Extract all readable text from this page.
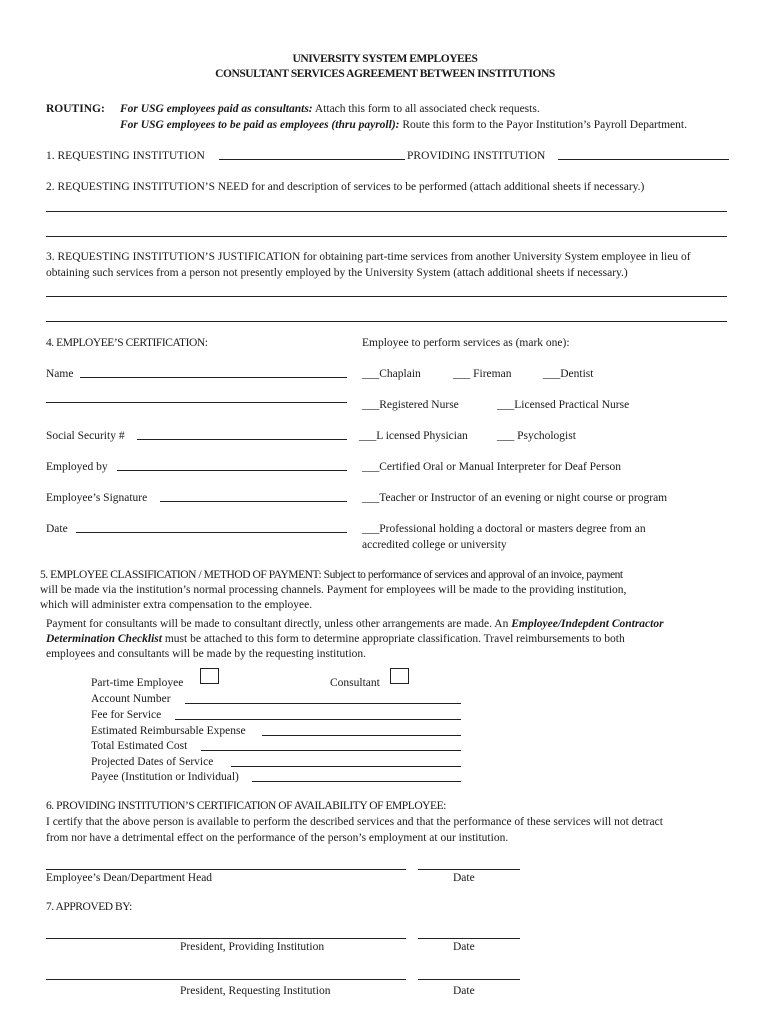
UNIVERSITY SYSTEM EMPLOYEES
CONSULTANT SERVICES AGREEMENT BETWEEN INSTITUTIONS
ROUTING: For USG employees paid as consultants: Attach this form to all associated check requests.
For USG employees to be paid as employees (thru payroll): Route this form to the Payor Institution’s Payroll Department.
1. REQUESTING INSTITUTION	PROVIDING INSTITUTION
2. REQUESTING INSTITUTION’S NEED for and description of services to be performed (attach additional sheets if necessary.)
3. REQUESTING INSTITUTION’S JUSTIFICATION for obtaining part-time services from another University System employee in lieu of
obtaining such services from a person not presently employed by the University System (attach additional sheets if necessary.)
4. EMPLOYEE’S CERTIFICATION:	Employee to perform services as (mark one):
Name
Social Security #
Employed by
Employee’s Signature
Date
___Chaplain	___ Fireman	___Dentist
___Registered Nurse	___Licensed Practical Nurse
___L icensed Physician	___ Psychologist
___Certified Oral or Manual Interpreter for Deaf Person
___Teacher or Instructor of an evening or night course or program
___Professional holding a doctoral or masters degree from an
accredited college or university
5. EMPLOYEE CLASSIFICATION / METHOD OF PAYMENT: Subject to performance of services and approval of an invoice, payment
will be made via the institution’s normal processing channels. Payment for employees will be made to the providing institution,
which will administer extra compensation to the employee.
Payment for consultants will be made to consultant directly, unless other arrangements are made. An Employee/Indepdent Contractor
Determination Checklist must be attached to this form to determine appropriate classification. Travel reimbursements to both
employees and consultants will be made by the requesting institution.
Part-time Employee	Consultant
Account Number
Fee for Service
Estimated Reimbursable Expense
Total Estimated Cost
Projected Dates of Service
Payee (Institution or Individual)
6. PROVIDING INSTITUTION’S CERTIFICATION OF AVAILABILITY OF EMPLOYEE:
I certify that the above person is available to perform the described services and that the performance of these services will not detract
from nor have a detrimental effect on the performance of the person’s employment at our institution.
Employee’s Dean/Department Head	Date
7. APPROVED BY:
President, Providing Institution	Date
President, Requesting Institution	Date
